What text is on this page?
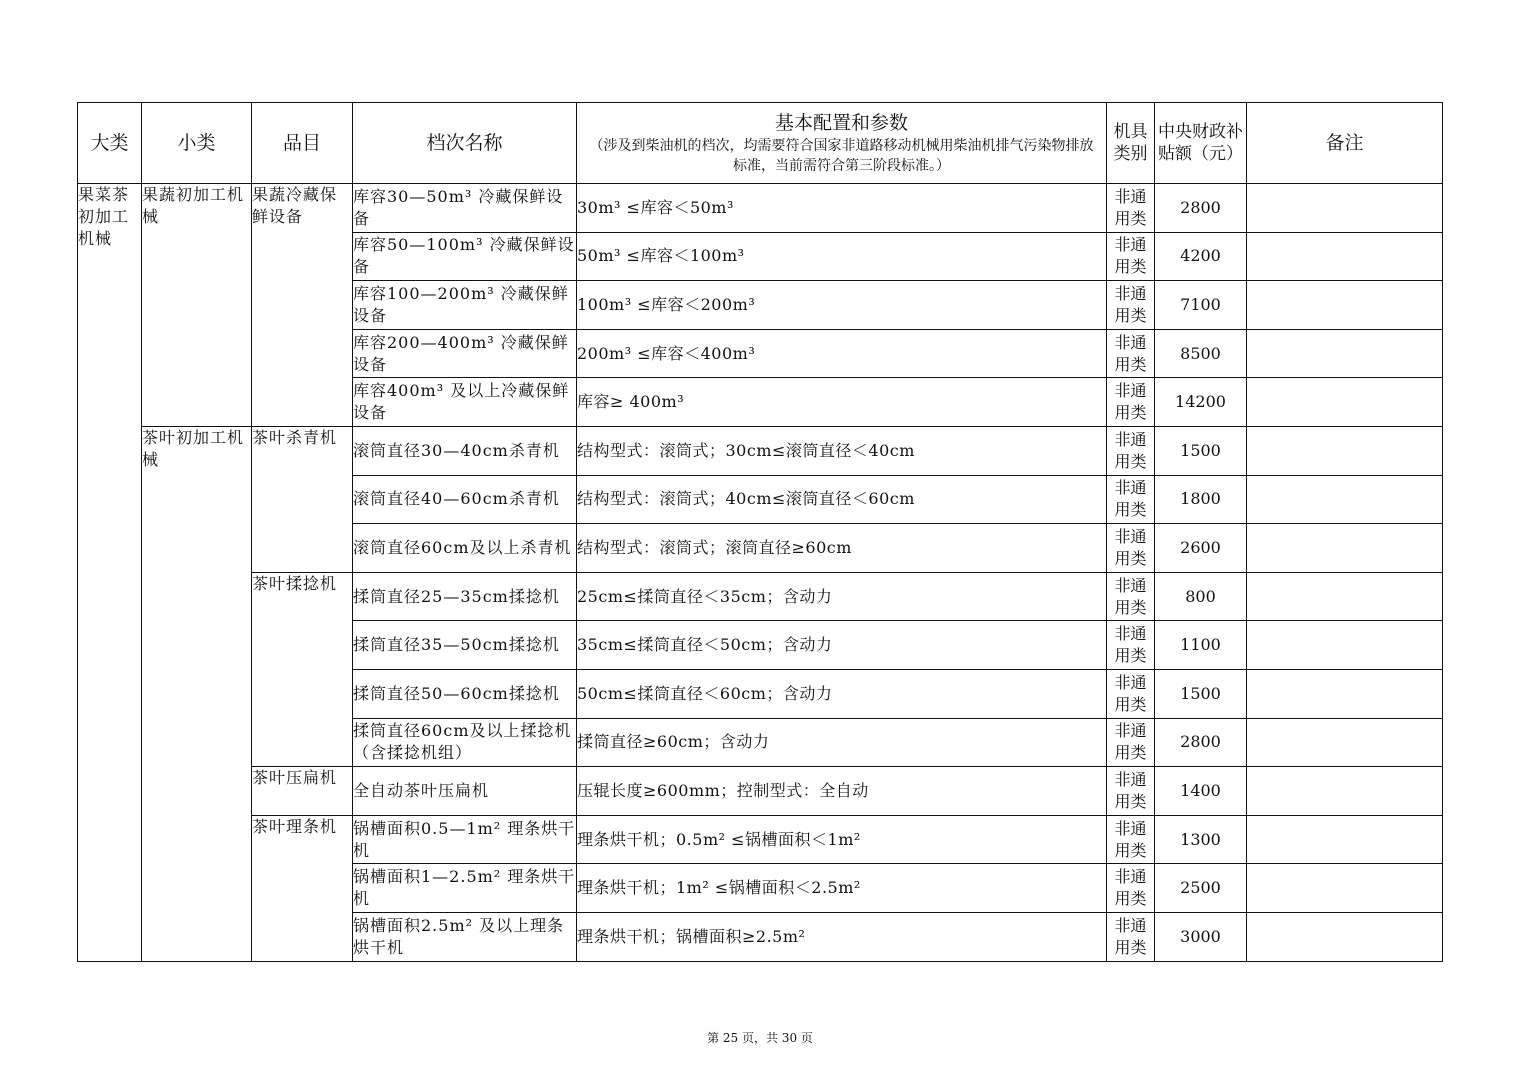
大类	小类	品目	档次名称	基本配置和参数
（涉及到柴油机的档次，均需要符合国家非道路移动机械用柴油机排气污染物排放标准，当前需符合第三阶段标准。）	机具类别	中央财政补贴额（元）	备注
果菜茶初加工机械	果蔬初加工机械	果蔬冷藏保鲜设备	库容30—50m³ 冷藏保鲜设备	30m³ ≤库容＜50m³	非通用类	2800	
			库容50—100m³ 冷藏保鲜设备	50m³ ≤库容＜100m³	非通用类	4200	
			库容100—200m³ 冷藏保鲜设备	100m³ ≤库容＜200m³	非通用类	7100	
			库容200—400m³ 冷藏保鲜设备	200m³ ≤库容＜400m³	非通用类	8500	
			库容400m³ 及以上冷藏保鲜设备	库容≥ 400m³	非通用类	14200	
	茶叶初加工机械	茶叶杀青机	滚筒直径30—40cm杀青机	结构型式：滚筒式；30cm≤滚筒直径＜40cm	非通用类	1500	
			滚筒直径40—60cm杀青机	结构型式：滚筒式；40cm≤滚筒直径＜60cm	非通用类	1800	
			滚筒直径60cm及以上杀青机	结构型式：滚筒式；滚筒直径≥60cm	非通用类	2600	
		茶叶揉捻机	揉筒直径25—35cm揉捻机	25cm≤揉筒直径＜35cm；含动力	非通用类	800	
			揉筒直径35—50cm揉捻机	35cm≤揉筒直径＜50cm；含动力	非通用类	1100	
			揉筒直径50—60cm揉捻机	50cm≤揉筒直径＜60cm；含动力	非通用类	1500	
			揉筒直径60cm及以上揉捻机（含揉捻机组）	揉筒直径≥60cm；含动力	非通用类	2800	
		茶叶压扁机	全自动茶叶压扁机	压辊长度≥600mm；控制型式：全自动	非通用类	1400	
		茶叶理条机	锅槽面积0.5—1m² 理条烘干机	理条烘干机；0.5m² ≤锅槽面积＜1m²	非通用类	1300	
			锅槽面积1—2.5m² 理条烘干机	理条烘干机；1m² ≤锅槽面积＜2.5m²	非通用类	2500	
			锅槽面积2.5m² 及以上理条烘干机	理条烘干机；锅槽面积≥2.5m²	非通用类	3000	
第 25 页，共 30 页
